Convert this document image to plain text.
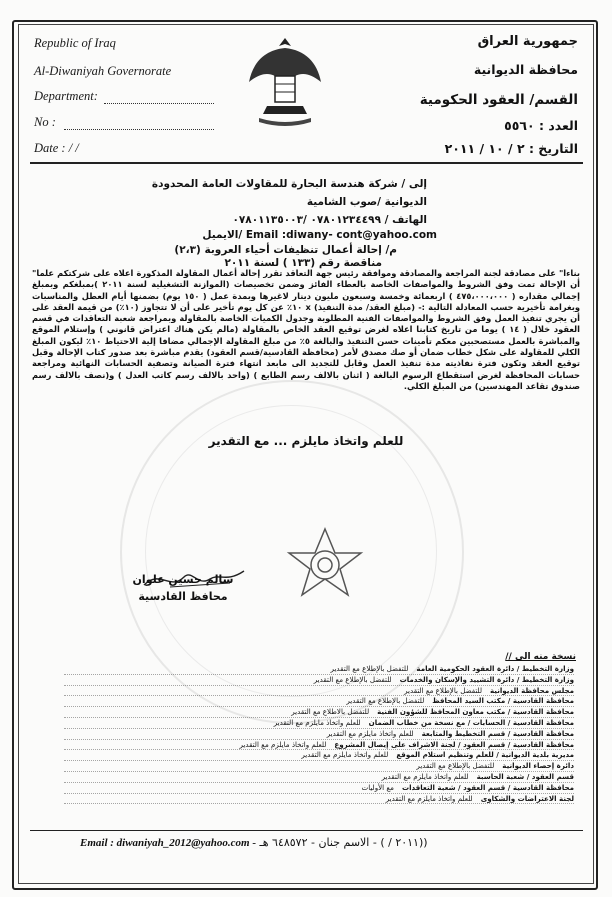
Republic of Iraq
Al-Diwaniyah Governorate
Department:
No :
Date : / /
جمهورية العراق
محافظة الديوانية
القسم/ العقود الحكومية
العدد : ٥٥٦٠
التاريخ : ٢ / ١٠ / ٢٠١١
إلى / شركة هندسة البحارة للمقاولات العامة المحدودة
الديوانية /صوب الشامية
الهاتف / ٠٧٨٠١٢٣٤٤٩٩ /٠٧٨٠١١٣٥٠٠٣
الايميل/ Email :diwany- cont@yahoo.com
م/ إحالة أعمال تنظيفات أحياء العروبة (٢،٣)
مناقصة رقم (١٣٣ ) لسنة ٢٠١١
بناءا" على مصادقة لجنة المراجعة والمصادقة وموافقة رئيس جهة التعاقد تقرر إحالة أعمال المقاولة المذكورة اعلاه على شركتكم علما" أن الإحالة تمت وفق الشروط والمواصفات الخاصة بالعطاء الفائز وضمن تخصيصات (الموازنة التشغيلية لسنة ٢٠١١ )بمبلغكم وبمبلغ إجمالي مقداره ( ٤٧٥،٠٠٠،٠٠٠ ) اربعمائة وخمسة وسبعون مليون دينار لاغيرها وبمدة عمل ( ١٥٠ يوم) بضمنها أيام العطل والمناسبات وبغرامة تأخيرية حسب المعادلة التالية :- (مبلغ العقد/ مدة التنفيذ) x ١٠٪ عن كل يوم تأخير على أن لا تتجاوز (١٠٪) من قيمة العقد على أن يجري تنفيذ العمل وفق الشروط والمواصفات الفنية المطلوبة وجدول الكميات الخاصة بالمقاولة وبمراجعة شعبة التعاقدات في قسم العقود خلال ( ١٤ ) يوما من تاريخ كتابنا اعلاه لغرض توقيع العقد الخاص بالمقاولة (مالم يكن هناك اعتراض قانوني ) وإستلام الموقع والمباشرة بالعمل مستصحبين معكم تأمينات حسن التنفيذ والبالغة ٥٪ من مبلغ المقاولة الإجمالي مضافا إلية الاحتياط ١٠٪ ليكون المبلغ الكلي للمقاولة على شكل خطاب ضمان أو صك مصدق لأمر (محافظة القادسية/قسم العقود) يقدم مباشرة بعد صدور كتاب الإحالة وقبل توقيع العقد وتكون فترة نفاذيته مدة تنفيذ العمل وقابل للتجديد الى مابعد انتهاء فترة الصيانة وتصفية الحسابات النهائية ومراجعة حسابات المحافظة لغرض استقطاع الرسوم البالغة ( اثنان بالالف رسم الطابع ) (واحد بالالف رسم كاتب العدل ) و(نصف بالالف رسم صندوق تقاعد المهندسين) من المبلغ الكلي.
للعلم واتخاذ مايلزم ... مع التقدير
سالم حسين علوان
محافظ القادسية
نسخة منه الى //
وزارة التخطيط / دائرة العقود الحكومية العامة
للتفضل بالإطلاع مع التقدير
وزارة التخطيط / دائرة التشييد والإسكان والخدمات
للتفضل بالإطلاع مع التقدير
مجلس محافظة الديوانية
للتفضل بالإطلاع مع التقدير
محافظة القادسية / مكتب السيد المحافظ
للتفضل بالإطلاع مع التقدير
محافظة القادسية / مكتب معاون المحافظ للشؤون الفنية
للتفضل بالاطلاع مع التقدير
محافظة القادسية / الحسابات / مع نسخة من خطاب الضمان
للعلم واتخاذ مايلزم مع التقدير
محافظة القادسية / قسم التخطيط والمتابعة
للعلم واتخاذ مايلزم مع التقدير
محافظة القادسية / قسم العقود / لجنة الاشراف على إيصال المشروع
للعلم واتخاذ مايلزم مع التقدير
مديرية بلدية الديوانية / للعلم وتنظيم استلام الموقع
للعلم واتخاذ مايلزم مع التقدير
دائرة إحصاء الديوانية
للتفضل بالإطلاع مع التقدير
قسم العقود / شعبة الحاسبة
للعلم واتخاذ مايلزم مع التقدير
محافظة القادسية / قسم العقود / شعبة التعاقدات
مع الأوليات
لجنة الاعتراضات والشكاوى
للعلم واتخاذ مايلزم مع التقدير
Email : diwaniyah_2012@yahoo.com - ((٢٠١١ / ) - الاسم جنان - ٦٤٨٥٧٢ هـ
